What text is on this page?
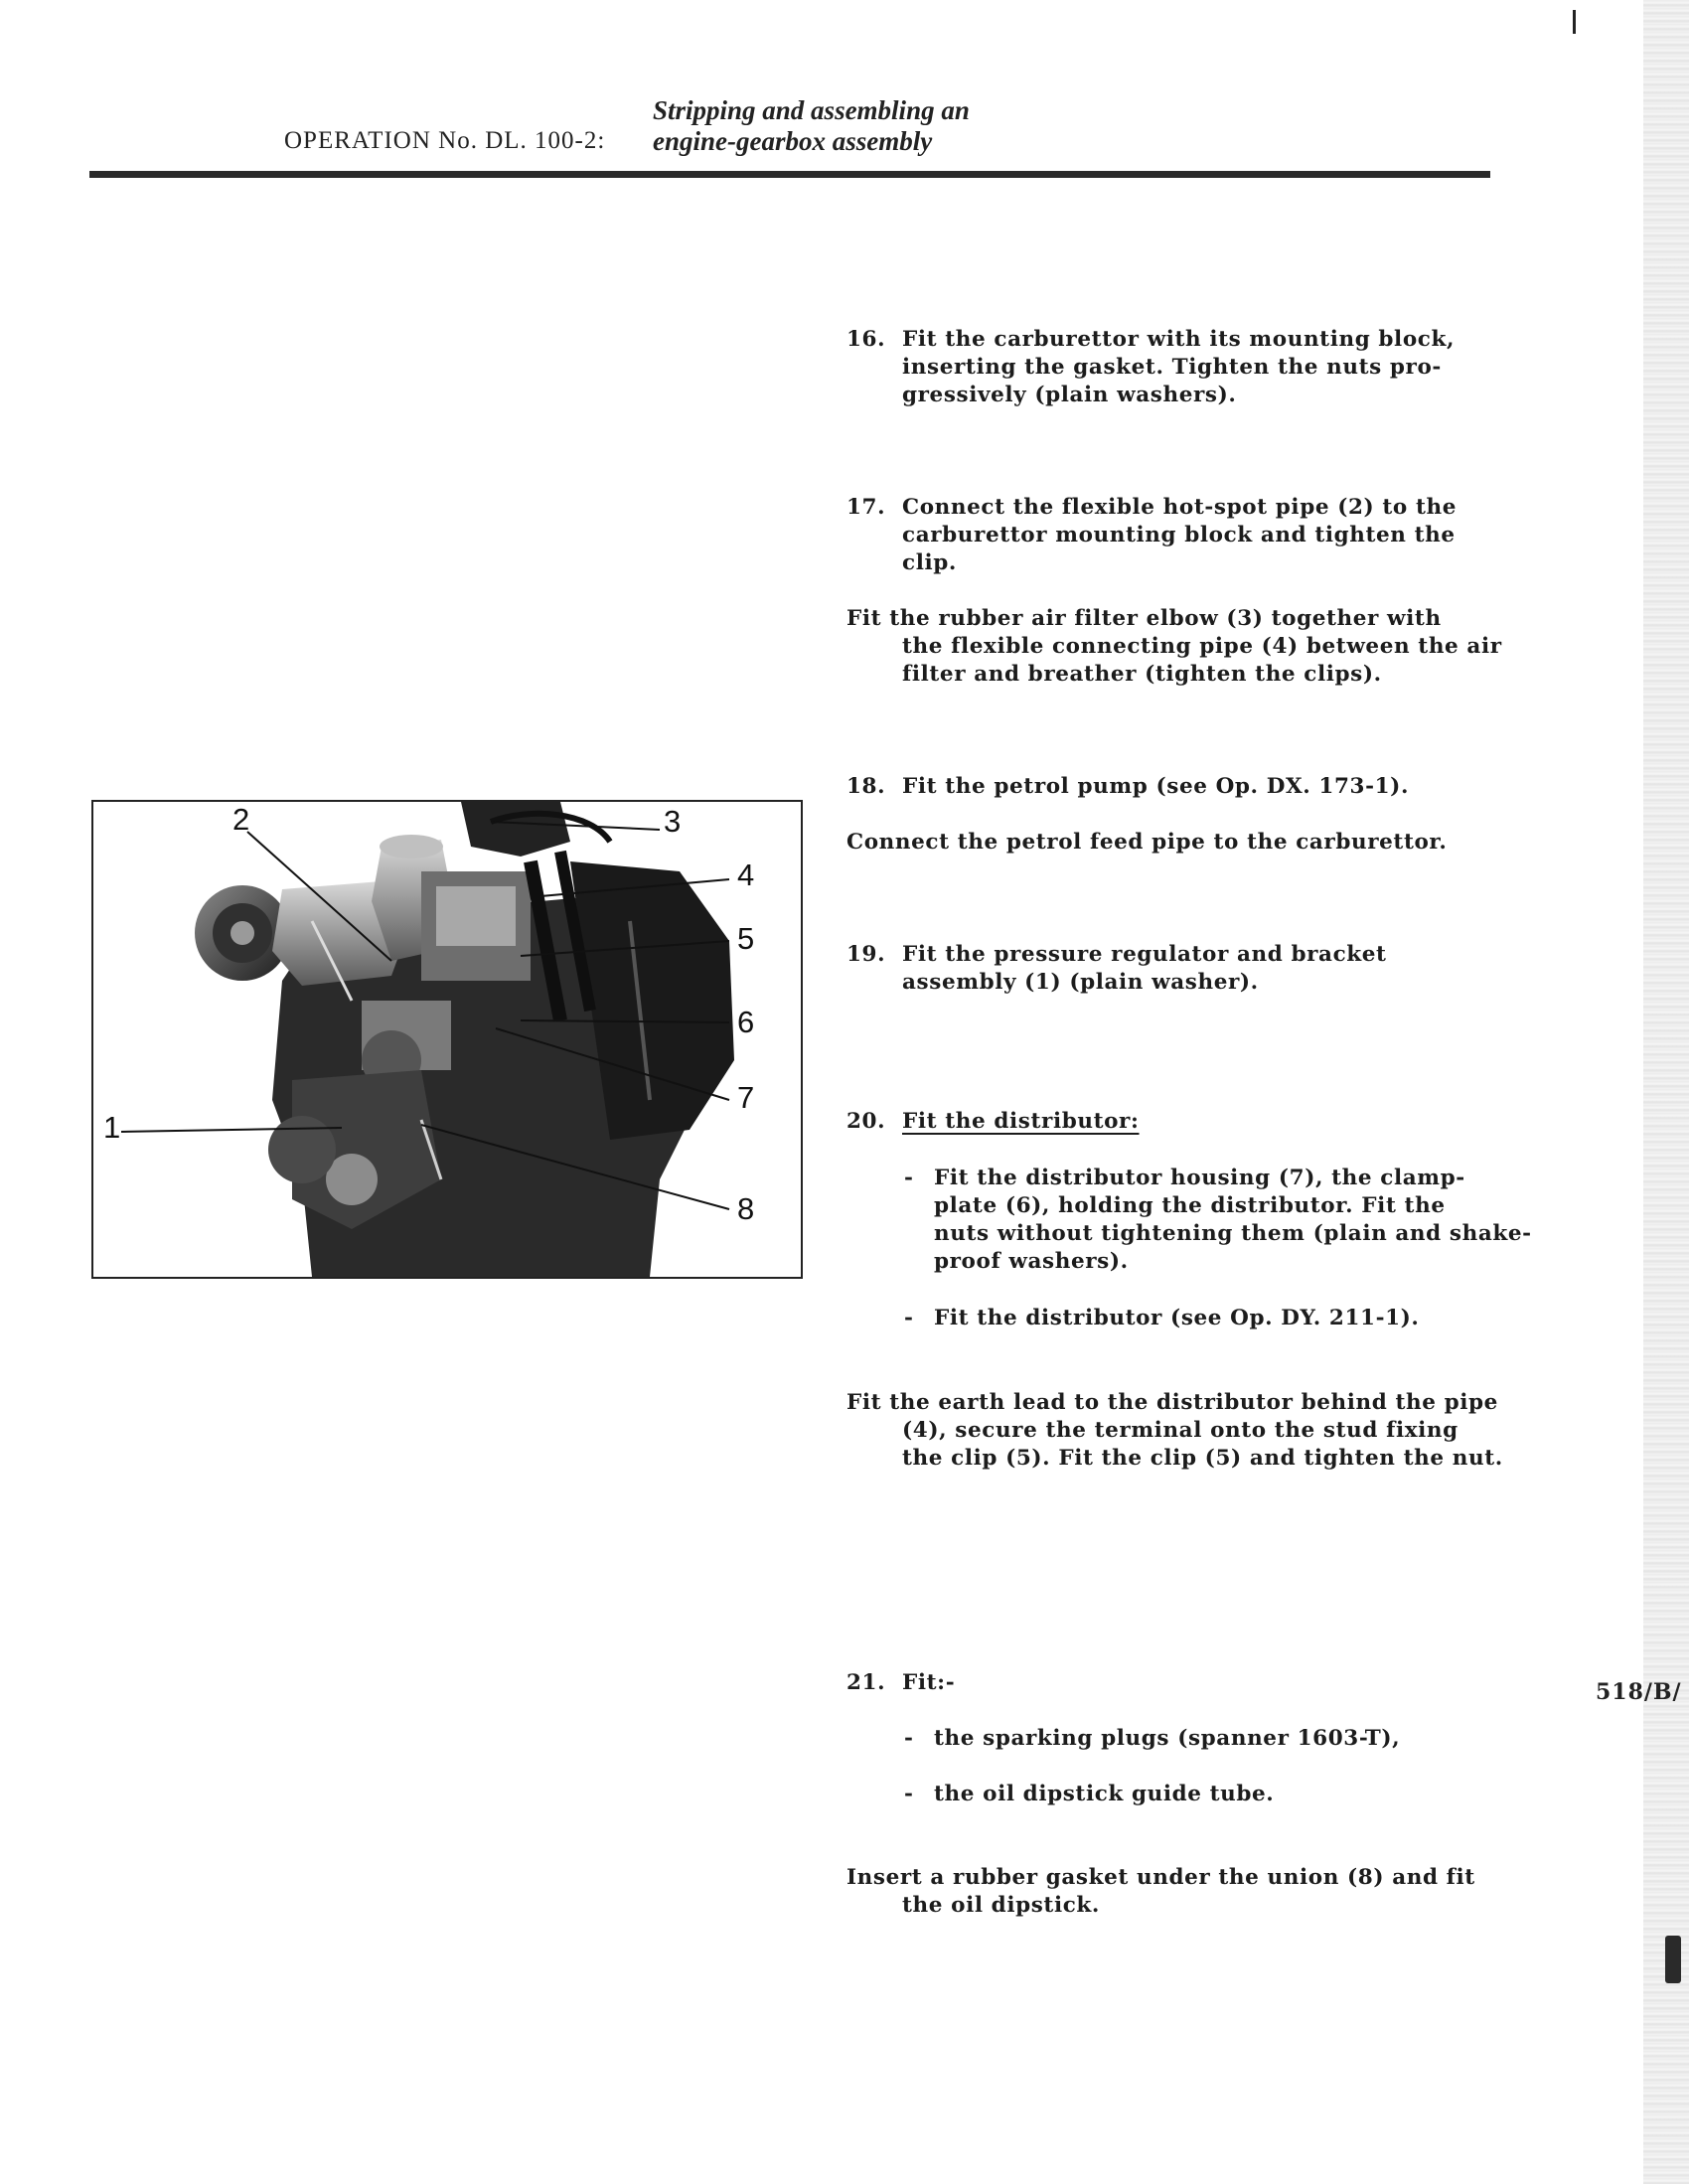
OPERATION No. DL. 100-2:
Stripping and assembling an
engine-gearbox assembly
16. Fit the carburettor with its mounting block,
inserting the gasket. Tighten the nuts pro-
gressively (plain washers).
17. Connect the flexible hot-spot pipe (2) to the
carburettor mounting block and tighten the
clip.
Fit the rubber air filter elbow (3) together with
the flexible connecting pipe (4) between the air
filter and breather (tighten the clips).
18. Fit the petrol pump (see Op. DX. 173-1).
Connect the petrol feed pipe to the carburettor.
19. Fit the pressure regulator and bracket
assembly (1) (plain washer).
20. Fit the distributor:
- Fit the distributor housing (7), the clamp-
plate (6), holding the distributor. Fit the
nuts without tightening them (plain and shake-
proof washers).
- Fit the distributor (see Op. DY. 211-1).
Fit the earth lead to the distributor behind the pipe
(4), secure the terminal onto the stud fixing
the clip (5). Fit the clip (5) and tighten the nut.
21. Fit:-
- the sparking plugs (spanner 1603-T),
- the oil dipstick guide tube.
Insert a rubber gasket under the union (8) and fit
the oil dipstick.
518/B/
1
2	3
4
5
6
7
8
